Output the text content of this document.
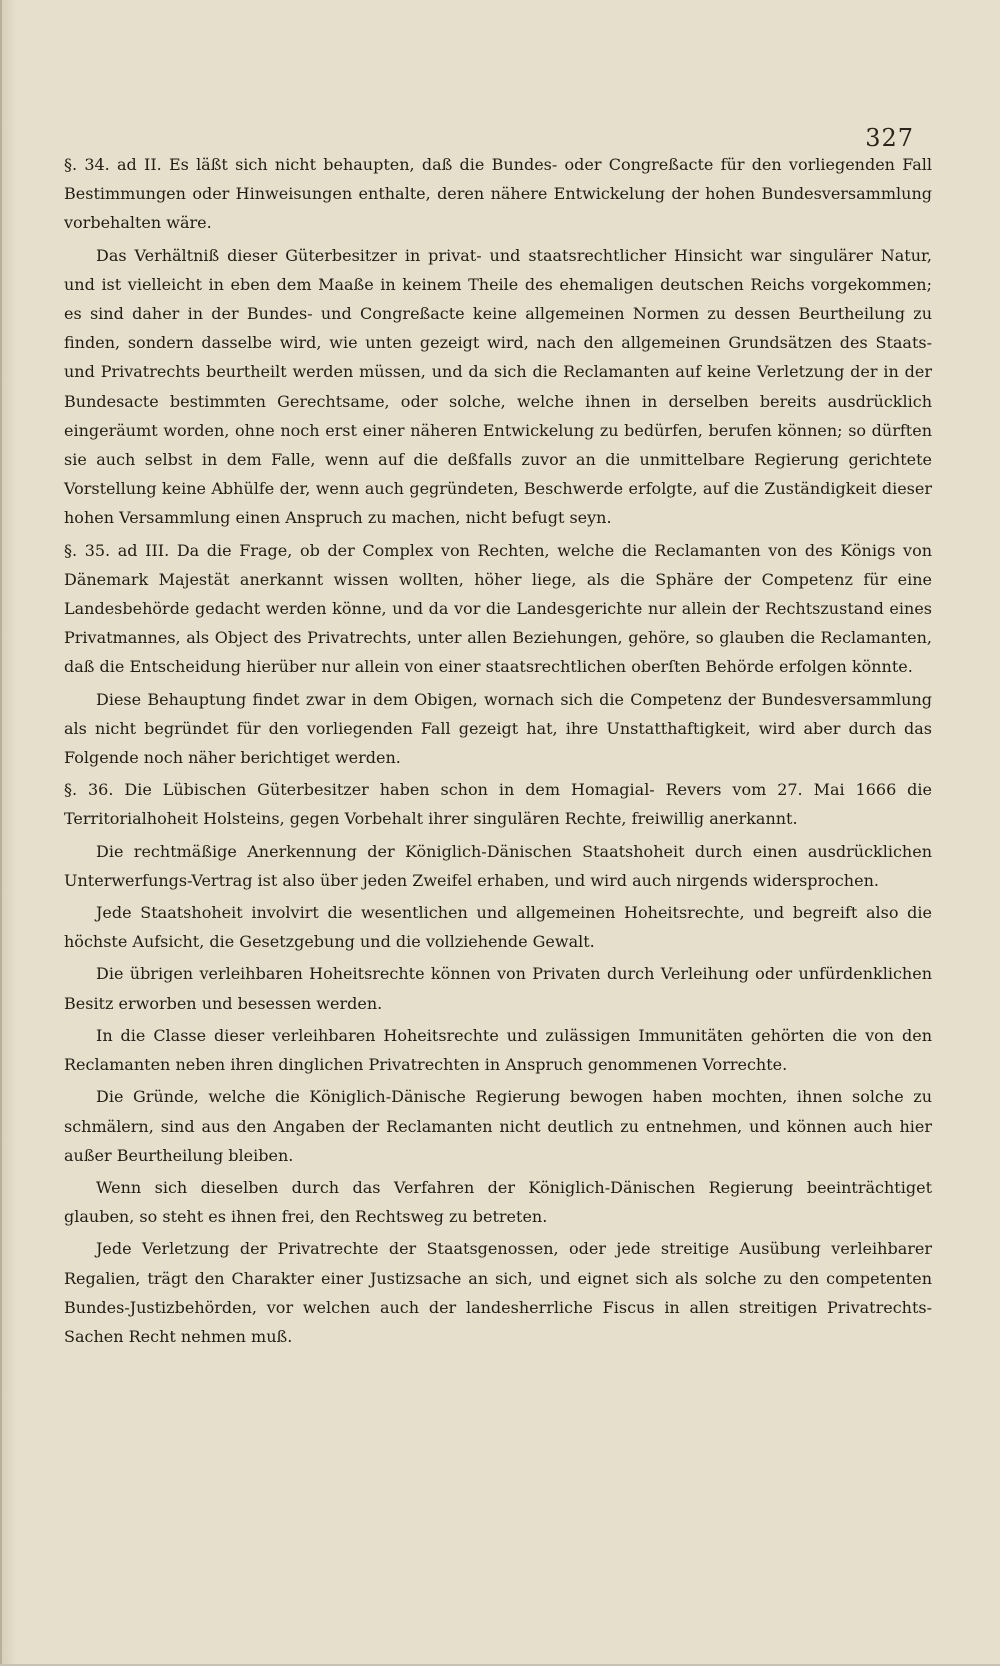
327

§. 34. ad II. Es läßt sich nicht behaupten, daß die Bundes- oder Congreßacte für den vorliegenden Fall Bestimmungen oder Hinweisungen enthalte, deren nähere Entwickelung der hohen Bundesversammlung vorbehalten wäre.

Das Verhältniß dieser Güterbesitzer in privat- und staatsrechtlicher Hinsicht war singulärer Natur, und ist vielleicht in eben dem Maaße in keinem Theile des ehemaligen deutschen Reichs vorgekommen; es sind daher in der Bundes- und Congreßacte keine allgemeinen Normen zu dessen Beurtheilung zu finden, sondern dasselbe wird, wie unten gezeigt wird, nach den allgemeinen Grundsätzen des Staats- und Privatrechts beurtheilt werden müssen, und da sich die Reclamanten auf keine Verletzung der in der Bundesacte bestimmten Gerechtsame, oder solche, welche ihnen in derselben bereits ausdrücklich eingeräumt worden, ohne noch erst einer näheren Entwickelung zu bedürfen, berufen können; so dürften sie auch selbst in dem Falle, wenn auf die deßfalls zuvor an die unmittelbare Regierung gerichtete Vorstellung keine Abhülfe der, wenn auch gegründeten, Beschwerde erfolgte, auf die Zuständigkeit dieser hohen Versammlung einen Anspruch zu machen, nicht befugt seyn.

§. 35. ad III. Da die Frage, ob der Complex von Rechten, welche die Reclamanten von des Königs von Dänemark Majestät anerkannt wissen wollten, höher liege, als die Sphäre der Competenz für eine Landesbehörde gedacht werden könne, und da vor die Landesgerichte nur allein der Rechtszustand eines Privatmannes, als Object des Privatrechts, unter allen Beziehungen, gehöre, so glauben die Reclamanten, daß die Entscheidung hierüber nur allein von einer staatsrechtlichen oberſten Behörde erfolgen könnte.

Diese Behauptung findet zwar in dem Obigen, wornach sich die Competenz der Bundesversammlung als nicht begründet für den vorliegenden Fall gezeigt hat, ihre Unstatthaftigkeit, wird aber durch das Folgende noch näher berichtiget werden.

§. 36. Die Lübischen Güterbesitzer haben schon in dem Homagial- Revers vom 27. Mai 1666 die Territorialhoheit Holsteins, gegen Vorbehalt ihrer singulären Rechte, freiwillig anerkannt.

Die rechtmäßige Anerkennung der Königlich-Dänischen Staatshoheit durch einen ausdrücklichen Unterwerfungs-Vertrag ist also über jeden Zweifel erhaben, und wird auch nirgends widersprochen.

Jede Staatshoheit involvirt die wesentlichen und allgemeinen Hoheitsrechte, und begreift also die höchste Aufsicht, die Gesetzgebung und die vollziehende Gewalt.

Die übrigen verleihbaren Hoheitsrechte können von Privaten durch Verleihung oder unfürdenklichen Besitz erworben und besessen werden.

In die Classe dieser verleihbaren Hoheitsrechte und zulässigen Immunitäten gehörten die von den Reclamanten neben ihren dinglichen Privatrechten in Anspruch genommenen Vorrechte.

Die Gründe, welche die Königlich-Dänische Regierung bewogen haben mochten, ihnen solche zu schmälern, sind aus den Angaben der Reclamanten nicht deutlich zu entnehmen, und können auch hier außer Beurtheilung bleiben.

Wenn sich dieselben durch das Verfahren der Königlich-Dänischen Regierung beeinträchtiget glauben, so steht es ihnen frei, den Rechtsweg zu betreten.

Jede Verletzung der Privatrechte der Staatsgenossen, oder jede streitige Ausübung verleihbarer Regalien, trägt den Charakter einer Justizsache an sich, und eignet sich als solche zu den competenten Bundes-Justizbehörden, vor welchen auch der landesherrliche Fiscus in allen streitigen Privatrechts-Sachen Recht nehmen muß.
